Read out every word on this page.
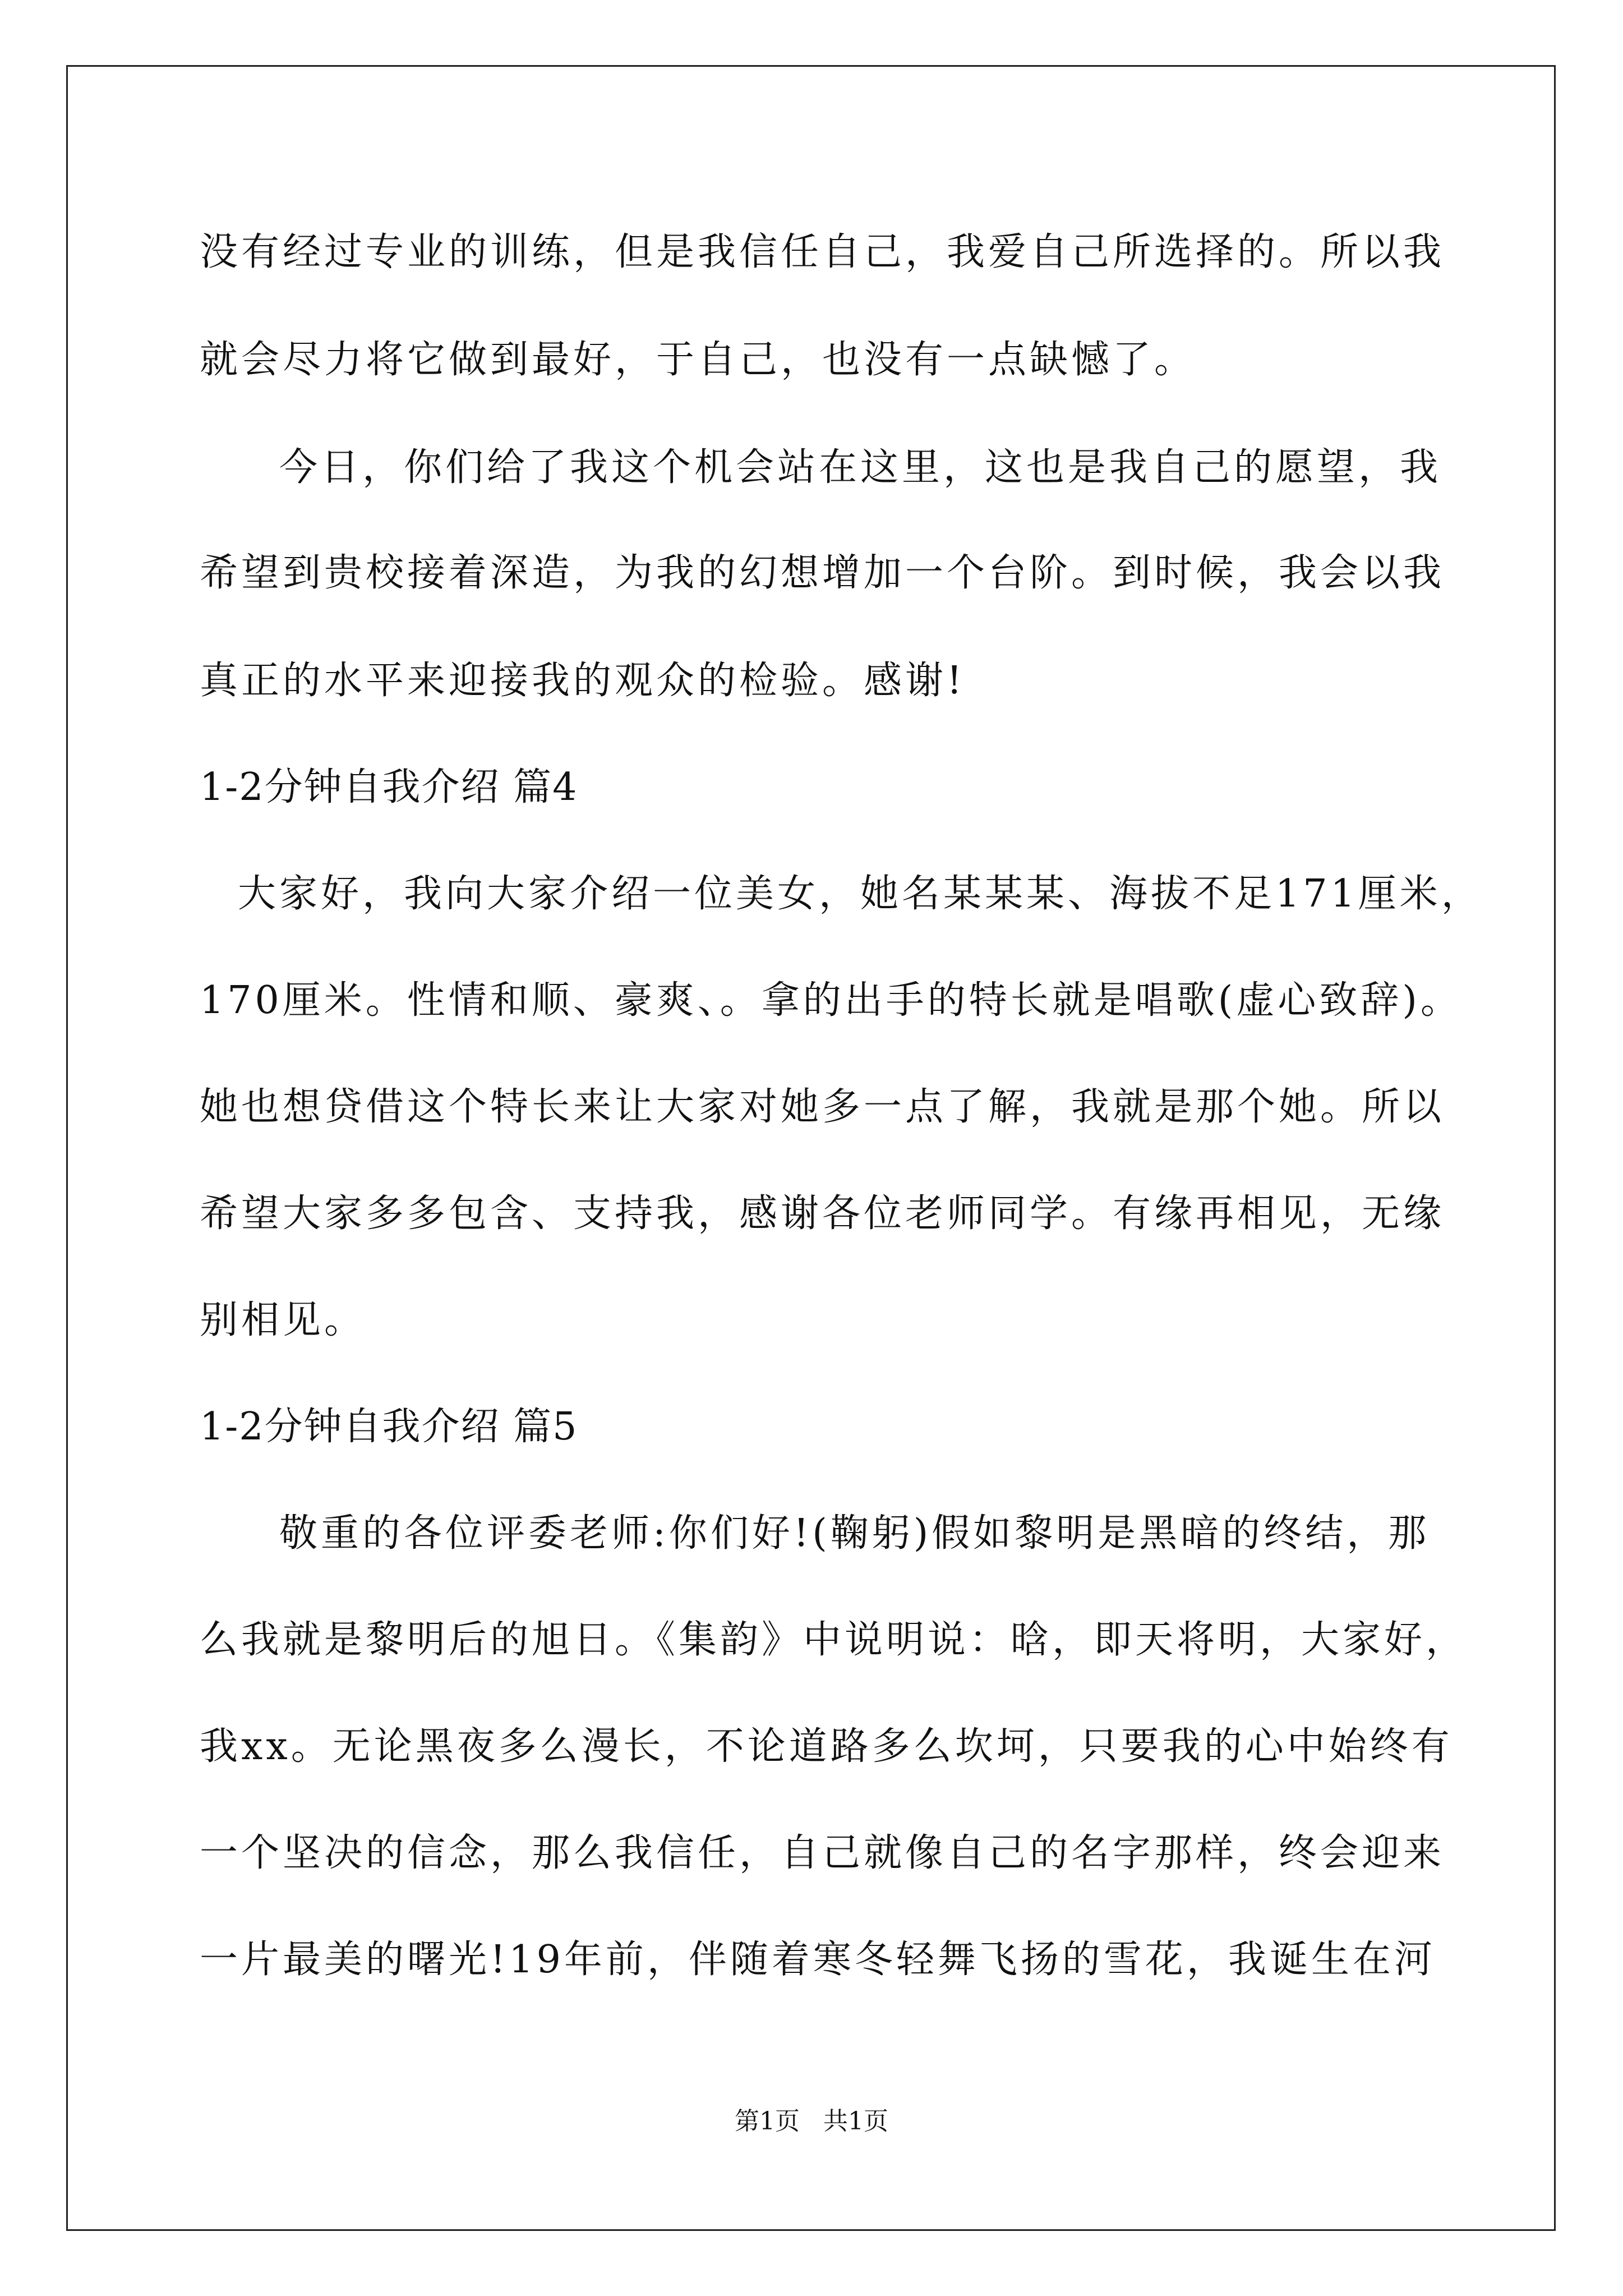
没有经过专业的训练，但是我信任自己，我爱自己所选择的。所以我
就会尽力将它做到最好，于自己，也没有一点缺憾了。
今日，你们给了我这个机会站在这里，这也是我自己的愿望，我
希望到贵校接着深造，为我的幻想增加一个台阶。到时候，我会以我
真正的水平来迎接我的观众的检验。感谢!
1-2分钟自我介绍 篇4
大家好，我向大家介绍一位美女，她名某某某、海拔不足171厘米，
170厘米。性情和顺、豪爽、。拿的出手的特长就是唱歌(虚心致辞)。
她也想贷借这个特长来让大家对她多一点了解，我就是那个她。所以
希望大家多多包含、支持我，感谢各位老师同学。有缘再相见，无缘
别相见。
1-2分钟自我介绍 篇5
敬重的各位评委老师:你们好!(鞠躬)假如黎明是黑暗的终结，那
么我就是黎明后的旭日。《集韵》中说明说：晗，即天将明，大家好，
我xx。无论黑夜多么漫长，不论道路多么坎坷，只要我的心中始终有
一个坚决的信念，那么我信任，自己就像自己的名字那样，终会迎来
一片最美的曙光!19年前，伴随着寒冬轻舞飞扬的雪花，我诞生在河
第1页   共1页
